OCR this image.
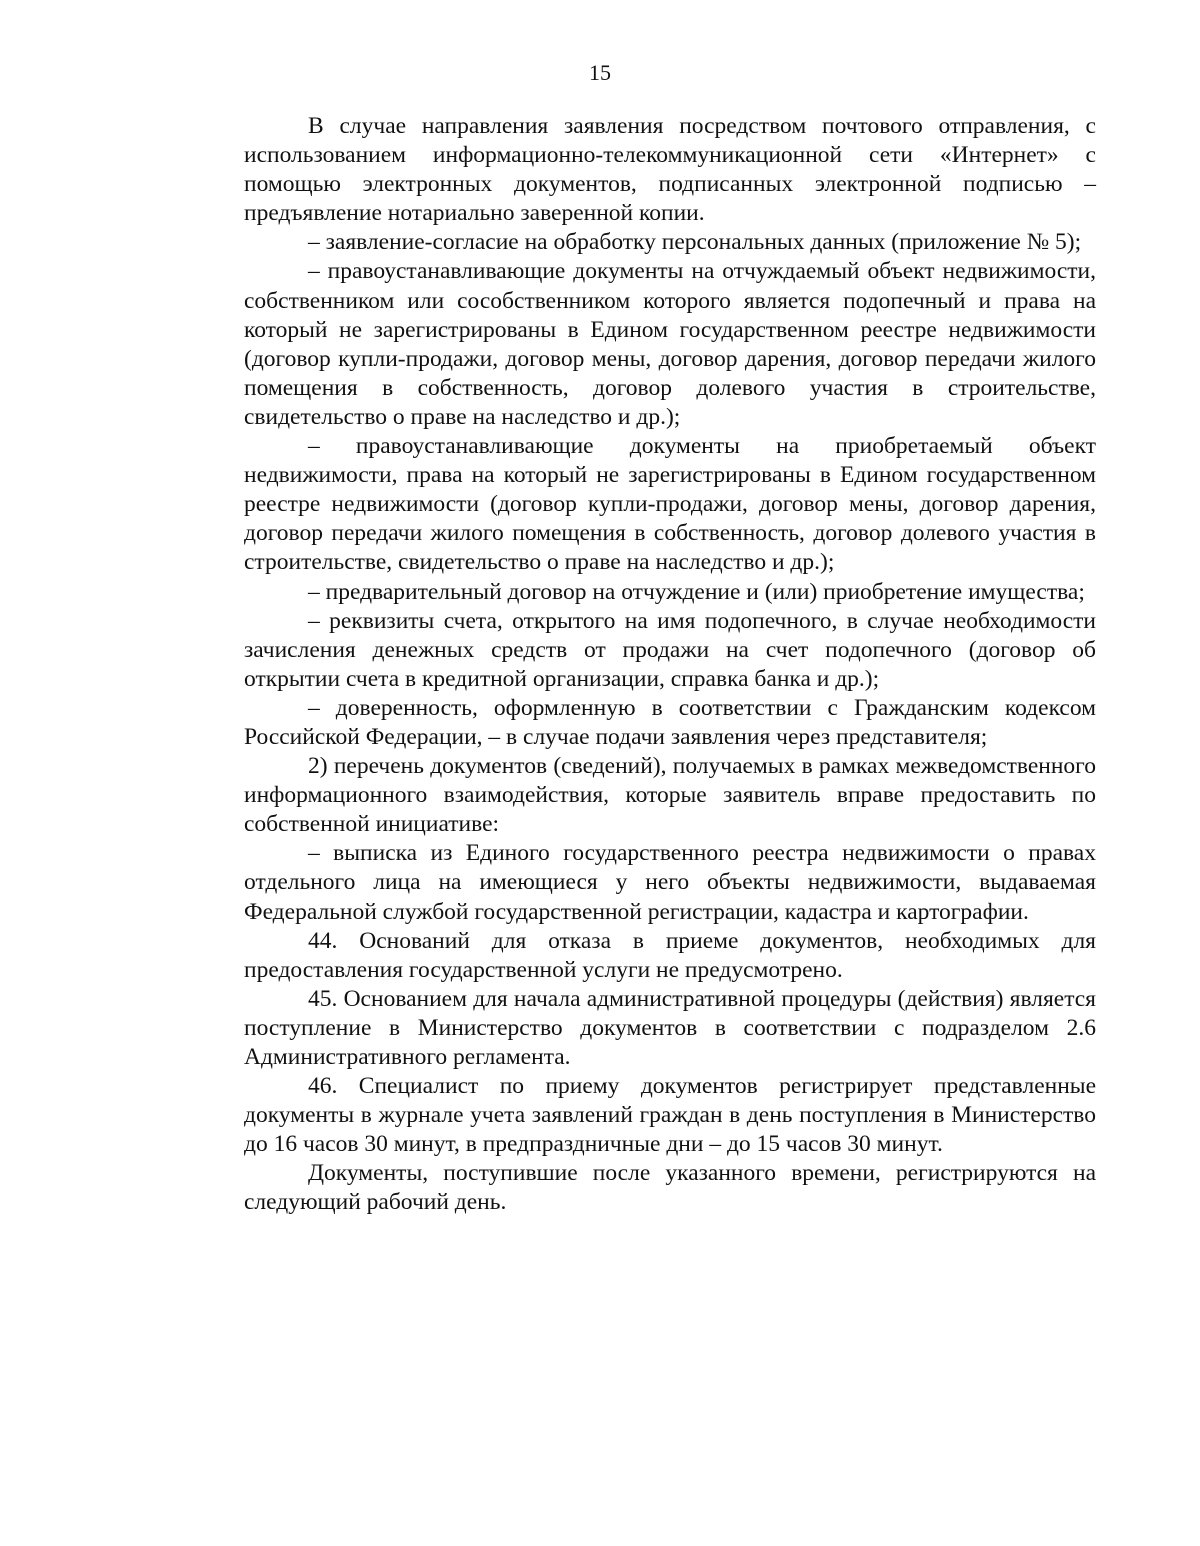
15

В случае направления заявления посредством почтового отправления, с использованием информационно-телекоммуникационной сети «Интернет» с помощью электронных документов, подписанных электронной подписью – предъявление нотариально заверенной копии.

– заявление-согласие на обработку персональных данных (приложение № 5);

– правоустанавливающие документы на отчуждаемый объект недвижимости, собственником или сособственником которого является подопечный и права на который не зарегистрированы в Едином государственном реестре недвижимости (договор купли-продажи, договор мены, договор дарения, договор передачи жилого помещения в собственность, договор долевого участия в строительстве, свидетельство о праве на наследство и др.);

– правоустанавливающие документы на приобретаемый объект недвижимости, права на который не зарегистрированы в Едином государственном реестре недвижимости (договор купли-продажи, договор мены, договор дарения, договор передачи жилого помещения в собственность, договор долевого участия в строительстве, свидетельство о праве на наследство и др.);

– предварительный договор на отчуждение и (или) приобретение имущества;

– реквизиты счета, открытого на имя подопечного, в случае необходимости зачисления денежных средств от продажи на счет подопечного (договор об открытии счета в кредитной организации, справка банка и др.);

– доверенность, оформленную в соответствии с Гражданским кодексом Российской Федерации, – в случае подачи заявления через представителя;

2) перечень документов (сведений), получаемых в рамках межведомственного информационного взаимодействия, которые заявитель вправе предоставить по собственной инициативе:

– выписка из Единого государственного реестра недвижимости о правах отдельного лица на имеющиеся у него объекты недвижимости, выдаваемая Федеральной службой государственной регистрации, кадастра и картографии.

44. Оснований для отказа в приеме документов, необходимых для предоставления государственной услуги не предусмотрено.

45. Основанием для начала административной процедуры (действия) является поступление в Министерство документов в соответствии с подразделом 2.6 Административного регламента.

46. Специалист по приему документов регистрирует представленные документы в журнале учета заявлений граждан в день поступления в Министерство до 16 часов 30 минут, в предпраздничные дни – до 15 часов 30 минут.

Документы, поступившие после указанного времени, регистрируются на следующий рабочий день.
